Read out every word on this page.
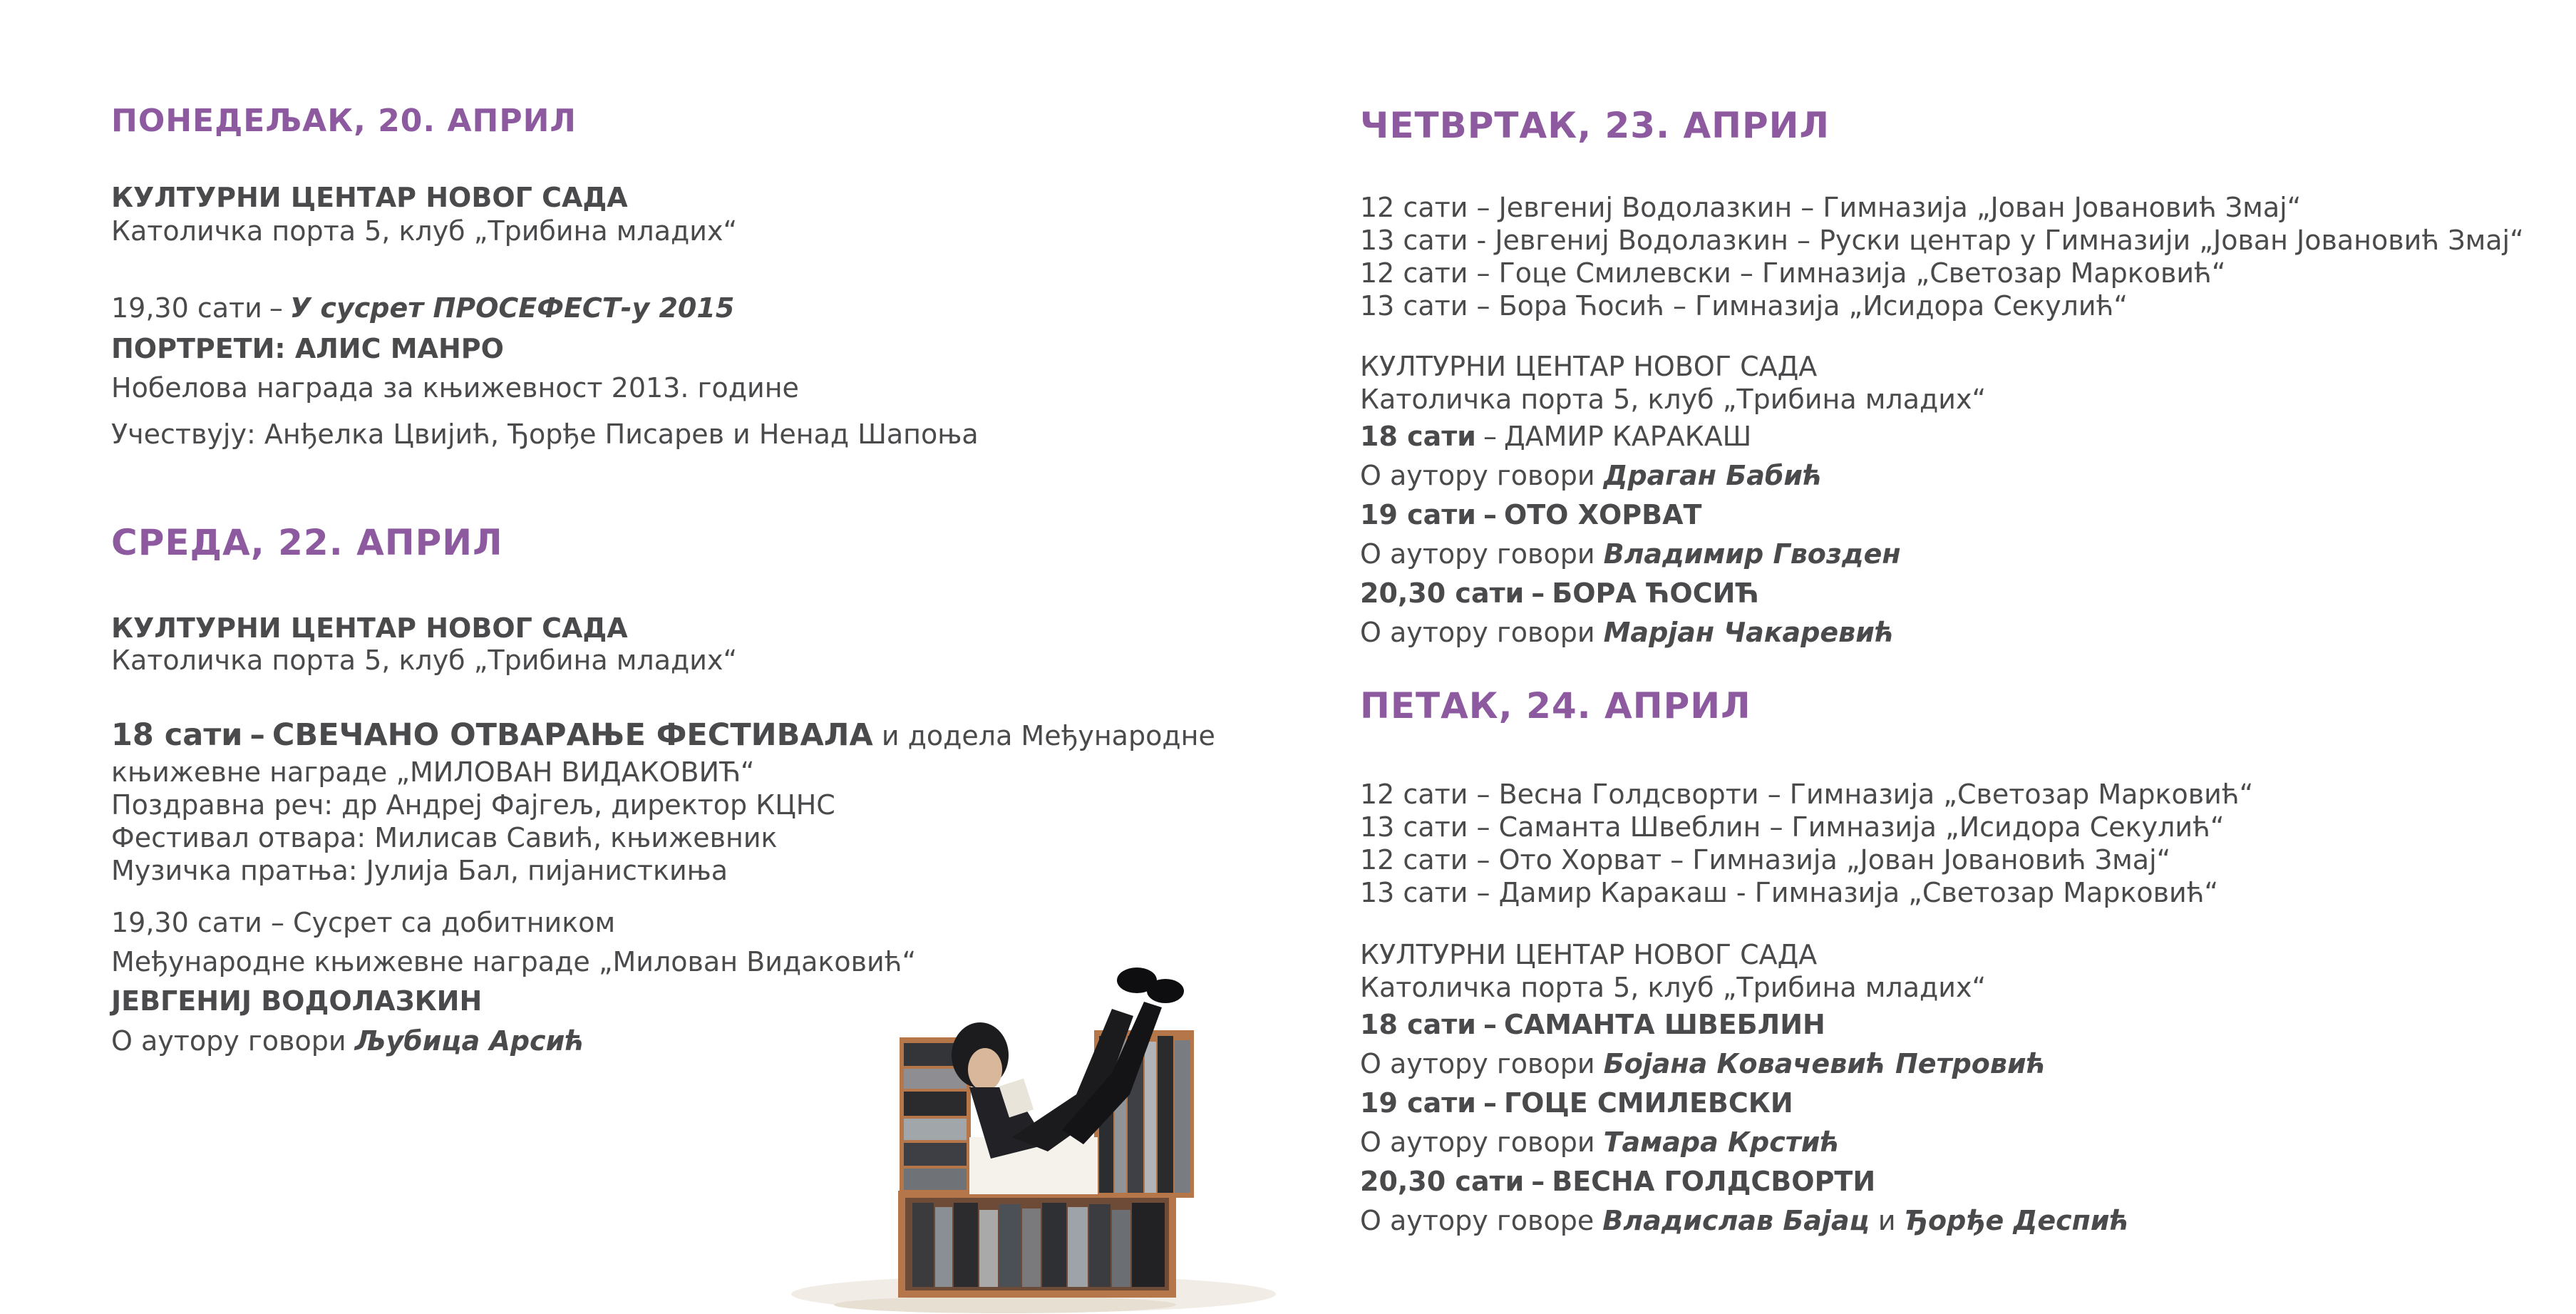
ПОНЕДЕЉАК, 20. АПРИЛ
КУЛТУРНИ ЦЕНТАР НОВОГ САДА
Католичка порта 5, клуб „Трибина младих“
19,30 сати – У сусрет ПРОСЕФЕСТ-у 2015
ПОРТРЕТИ: АЛИС МАНРО
Нобелова награда за књижевност 2013. године
Учествују: Анђелка Цвијић, Ђорђе Писарев и Ненад Шапоња
СРЕДА, 22. АПРИЛ
КУЛТУРНИ ЦЕНТАР НОВОГ САДА
Католичка порта 5, клуб „Трибина младих“
18 сати – СВЕЧАНО ОТВАРАЊЕ ФЕСТИВАЛА и додела Међународне
књижевне награде „МИЛОВАН ВИДАКОВИЋ“
Поздравна реч: др Андреј Фајгељ, директор КЦНС
Фестивал отвара: Милисав Савић, књижевник
Музичка пратња: Јулија Бал, пијанисткиња
19,30 сати – Сусрет са добитником
Међународне књижевне награде „Милован Видаковић“
ЈЕВГЕНИЈ ВОДОЛАЗКИН
О аутору говори Љубица Арсић
ЧЕТВРТАК, 23. АПРИЛ
12 сати – Јевгениј Водолазкин – Гимназија „Јован Јовановић Змај“
13 сати - Јевгениј Водолазкин – Руски центар у Гимназији „Јован Јовановић Змај“
12 сати – Гоце Смилевски – Гимназија „Светозар Марковић“
13 сати – Бора Ћосић – Гимназија „Исидора Секулић“
КУЛТУРНИ ЦЕНТАР НОВОГ САДА
Католичка порта 5, клуб „Трибина младих“
18 сати – ДАМИР КАРАКАШ
О аутору говори Драган Бабић
19 сати – ОТО ХОРВАТ
О аутору говори Владимир Гвозден
20,30 сати – БОРА ЋОСИЋ
О аутору говори Марјан Чакаревић
ПЕТАК, 24. АПРИЛ
12 сати – Весна Голдсворти – Гимназија „Светозар Марковић“
13 сати – Саманта Швеблин – Гимназија „Исидора Секулић“
12 сати – Ото Хорват – Гимназија „Јован Јовановић Змај“
13 сати – Дамир Каракаш - Гимназија „Светозар Марковић“
КУЛТУРНИ ЦЕНТАР НОВОГ САДА
Католичка порта 5, клуб „Трибина младих“
18 сати – САМАНТА ШВЕБЛИН
О аутору говори Бојана Ковачевић Петровић
19 сати – ГОЦЕ СМИЛЕВСКИ
О аутору говори Тамара Крстић
20,30 сати – ВЕСНА ГОЛДСВОРТИ
О аутору говоре Владислав Бајац и Ђорђе Деспић
